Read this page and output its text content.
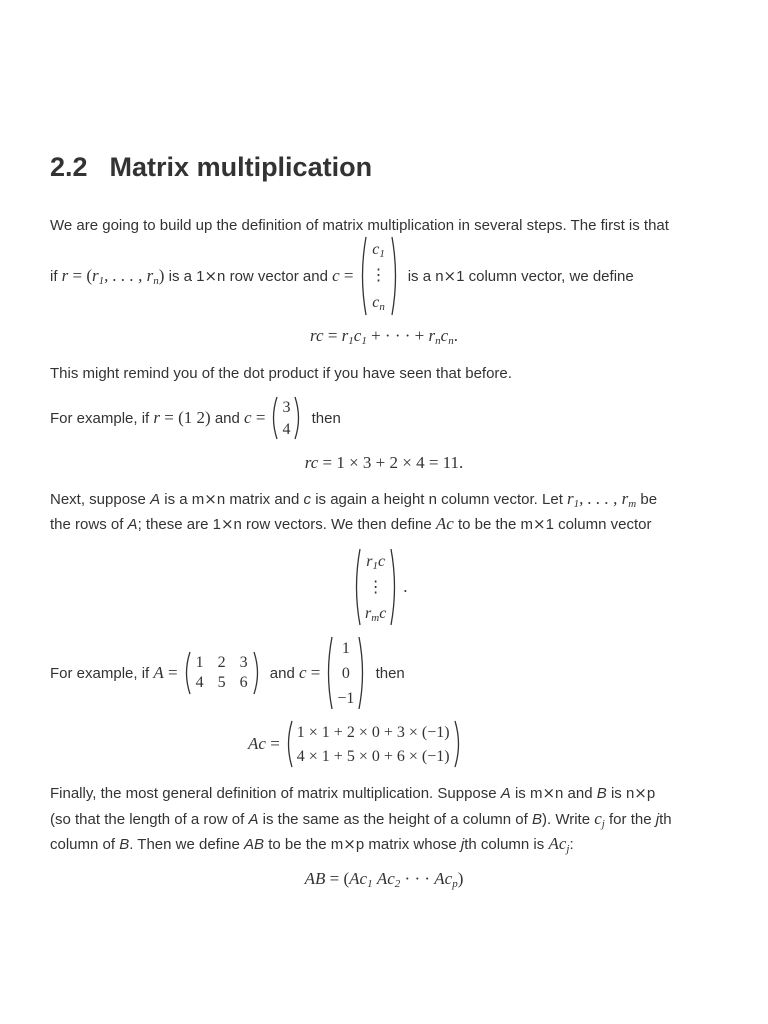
2.2 Matrix multiplication
We are going to build up the definition of matrix multiplication in several steps. The first is that
if
r = ( $r_1$, . . . , $r_n$ )
is a 1⨯n row vector and
c =
$c_1$
⋮
$c_n$

is a n⨯1 column vector, we define
rc = $r_1c_1$ + · · · + $r_nc_n$.
This might remind you of the dot product if you have seen that before.
For example, if
r = (1 2)
and
c =
3
4

then
rc = 1 × 3 + 2 × 4 = 11.
Next, suppose A is a m⨯n matrix and c is again a height n column vector. Let $r_1$, . . . , $r_m$ be
the rows of A; these are 1⨯n row vectors. We then define Ac to be the m⨯1 column vector
$r_1c$
⋮
$r_mc$
.
For example, if
A =
1 2 3
4 5 6

and
c =
1
0
−1

then
Ac =
1 × 1 + 2 × 0 + 3 × (−1)
4 × 1 + 5 × 0 + 6 × (−1)
Finally, the most general definition of matrix multiplication. Suppose A is m⨯n and B is n⨯p
(so that the length of a row of A is the same as the height of a column of B). Write $c_j$ for the jth
column of B. Then we define AB to be the m⨯p matrix whose jth column is $Ac_j$:
AB = ($Ac_1$ $Ac_2$ · · · $Ac_p$)
